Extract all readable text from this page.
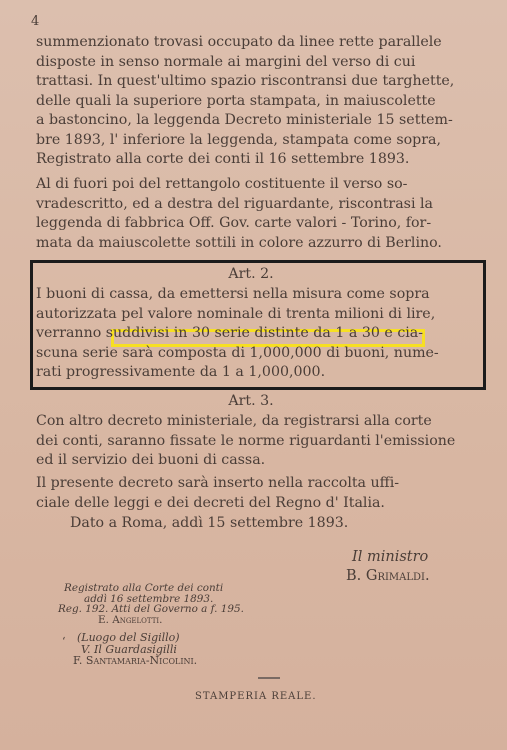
4
summenzionato trovasi occupato da linee rette parallele
disposte in senso normale ai margini del verso di cui
trattasi. In quest'ultimo spazio riscontransi due targhette,
delle quali la superiore porta stampata, in maiuscolette
a bastoncino, la leggenda Decreto ministeriale 15 settem-
bre 1893, l' inferiore la leggenda, stampata come sopra,
Registrato alla corte dei conti il 16 settembre 1893.
Al di fuori poi del rettangolo costituente il verso so-
vradescritto, ed a destra del riguardante, riscontrasi la
leggenda di fabbrica Off. Gov. carte valori - Torino, for-
mata da maiuscolette sottili in colore azzurro di Berlino.
Art. 2.
I buoni di cassa, da emettersi nella misura come sopra
autorizzata pel valore nominale di trenta milioni di lire,
verranno suddivisi in 30 serie distinte da 1 a 30 e cia-
scuna serie sarà composta di 1,000,000 di buoni, nume-
rati progressivamente da 1 a 1,000,000.
Art. 3.
Con altro decreto ministeriale, da registrarsi alla corte
dei conti, saranno fissate le norme riguardanti l'emissione
ed il servizio dei buoni di cassa.
Il presente decreto sarà inserto nella raccolta uffi-
ciale delle leggi e dei decreti del Regno d' Italia.
Dato a Roma, addì 15 settembre 1893.
Il ministro
B. Grimaldi.
Registrato alla Corte dei conti
addì 16 settembre 1893.
Reg. 192. Atti del Governo a f. 195.
E. Angelotti.
‘ (Luogo del Sigillo)
V. Il Guardasigilli
F. Santamaria-Nicolini.
STAMPERIA REALE.
